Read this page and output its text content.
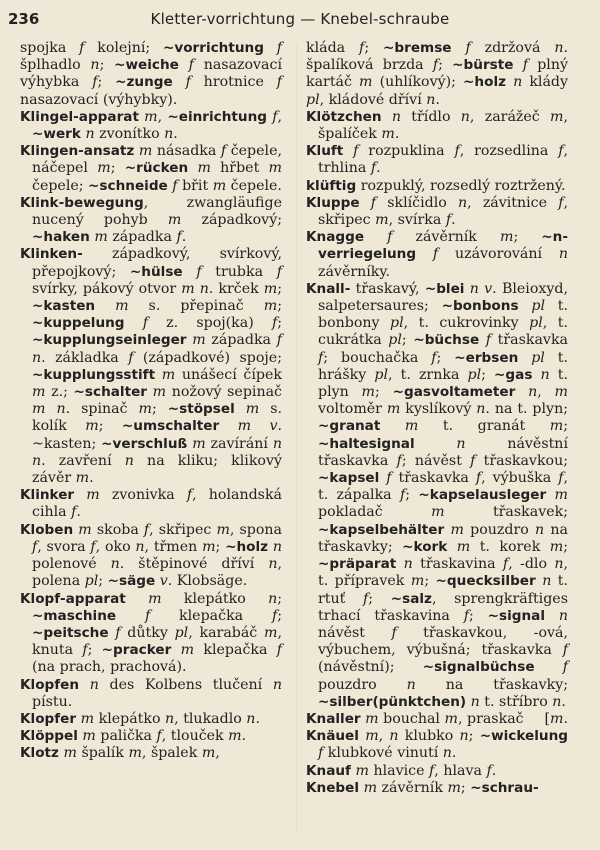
236	Kletter-vorrichtung — Knebel-schraube

spojka f kolejní; ~vorrichtung f šplhadlo n; ~weiche f nasazovací výhybka f; ~zunge f hrotnice f nasazovací (výhybky).

Klingel-apparat m, ~einrichtung f, ~werk n zvonítko n.

Klingen-ansatz m násadka f čepele, náčepel m; ~rücken m hřbet m čepele; ~schneide f břit m čepele.

Klink-bewegung, zwangläufige nucený pohyb m západkový; ~haken m západka f.

Klinken- západkový, svírkový, přepojkový; ~hülse f trubka f svírky, pákový otvor m n. krček m; ~kasten m s. přepinač m; ~kuppelung f z. spoj(ka) f; ~kupplungseinleger m západka f n. základka f (západkové) spoje; ~kupplungsstift m unášecí čípek m z.; ~schalter m nožový sepinač m n. spinač m; ~stöpsel m s. kolík m; ~umschalter m v. ~kasten; ~verschluß m zavírání n n. zavření n na kliku; klikový závěr m.

Klinker m zvonivka f, holandská cihla f.

Kloben m skoba f, skřipec m, spona f, svora f, oko n, třmen m; ~holz n polenové n. štěpinové dříví n, polena pl; ~säge v. Klobsäge.

Klopf-apparat m klepátko n; ~maschine f klepačka f; ~peitsche f důtky pl, karabáč m, knuta f; ~pracker m klepačka f (na prach, prachová).

Klopfen n des Kolbens tlučení n pístu.

Klopfer m klepátko n, tlukadlo n.

Klöppel m palička f, tlouček m.

Klotz m špalík m, špalek m,

kláda f; ~bremse f zdržová n. špalíková brzda f; ~bürste f plný kartáč m (uhlíkový); ~holz n klády pl, kládové dříví n.

Klötzchen n třídlo n, zarážeč m, špalíček m.

Kluft f rozpuklina f, rozsedlina f, trhlina f.

klüftig rozpuklý, rozsedlý roztržený.

Kluppe f sklíčidlo n, závitnice f, skřipec m, svírka f.

Knagge f závěrník m; ~n-verriegelung f uzávorování n závěrníky.

Knall- třaskavý, ~blei n v. Bleioxyd, salpetersaures; ~bonbons pl t. bonbony pl, t. cukrovinky pl, t. cukrátka pl; ~büchse f třaskavka f; bouchačka f; ~erbsen pl t. hrášky pl, t. zrnka pl; ~gas n t. plyn m; ~gasvoltameter n, m voltoměr m kyslíkový n. na t. plyn; ~granat m t. granát m; ~haltesignal	n návěstní třaskavka f; návěst f třaskavkou; ~kapsel f třaskavka f, výbuška f, t. zápalka f; ~kapselausleger m pokladač m třaskavek; ~kapselbehälter m pouzdro n na třaskavky; ~kork m t. korek m; ~präparat n třaskavina f, -dlo n, t. přípravek m; ~quecksilber n t. rtuť f; ~salz, sprengkräftiges trhací třaskavina f; ~signal n návěst f třaskavkou, -ová, výbuchem, výbušná; třaskavka f (návěstní); ~signalbüchse f pouzdro n na třaskavky; ~silber(pünktchen) n t. stříbro n.
[m.

Knaller m bouchal m, praskač

Knäuel m, n klubko n; ~wickelung f klubkové vinutí n.

Knauf m hlavice f, hlava f.

Knebel m závěrník m; ~schrau-
